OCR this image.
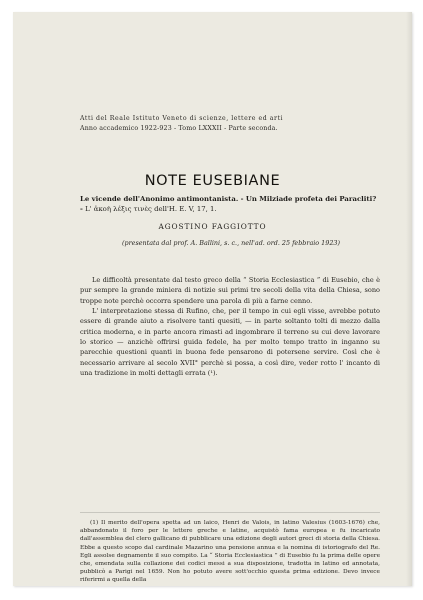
Atti del Reale Istituto Veneto di scienze, lettere ed arti
Anno accademico 1922-923 - Tomo LXXXII - Parte seconda.
NOTE EUSEBIANE
Le vicende dell'Anonimo antimontanista. - Un Milziade profeta dei Paracliti? - L' ἀκοὴ λέξις τινὲς dell'H. E. V, 17, 1.
AGOSTINO FAGGIOTTO
(presentata dal prof. A. Ballini, s. c., nell'ad. ord. 25 febbraio 1923)

Le difficoltà presentate dal testo greco della “ Storia Ecclesiastica ” di Eusebio, che è pur sempre la grande miniera di notizie sui primi tre secoli della vita della Chiesa, sono troppe note perchè occorra spendere una parola di più a farne cenno.

L' interpretazione stessa di Rufino, che, per il tempo in cui egli visse, avrebbe potuto essere di grande aiuto a risolvere tanti quesiti, — in parte soltanto tolti di mezzo dalla critica moderna, e in parte ancora rimasti ad ingombrare il terreno su cui deve lavorare lo storico — anzichè offrirsi guida fedele, ha per molto tempo tratto in inganno su parecchie questioni quanti in buona fede pensarono di potersene servire. Così che è necessario arrivare al secolo XVII° perchè si possa, a così dire, veder rotto l' incanto di una tradizione in molti dettagli errata (¹).

(1) Il merito dell'opera spetta ad un laico, Henri de Valois, in latino Valesius (1603-1676) che, abbandonato il foro per le lettere greche e latine, acquistò fama europea e fu incaricato dall'assemblea del clero gallicano di pubblicare una edizione degli autori greci di storia della Chiesa. Ebbe a questo scopo dal cardinale Mazarino una pensione annua e la nomina di istoriografo del Re. Egli assolse degnamente il suo compito. La “ Storia Ecclesiastica ” di Eusebio fu la prima delle opere che, emendata sulla collazione dei codici messi a sua disposizione, tradotta in latino ed annotata, pubblicò a Parigi nel 1659. Non ho potuto avere sott'occhio questa prima edizione. Devo invece riferirmi a quella della
